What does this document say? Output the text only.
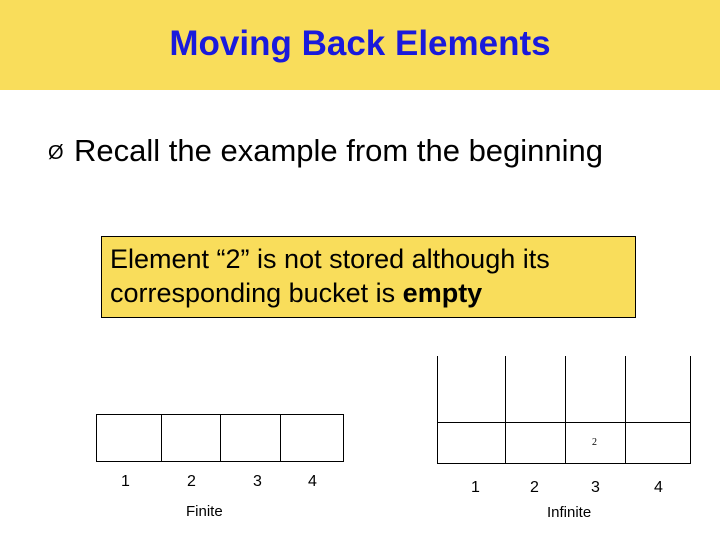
Moving Back Elements
Ø Recall the example from the beginning
Element “2” is not stored although its
corresponding bucket is empty
1	2	3	4
Finite
2
1	2	3	4
Infinite
